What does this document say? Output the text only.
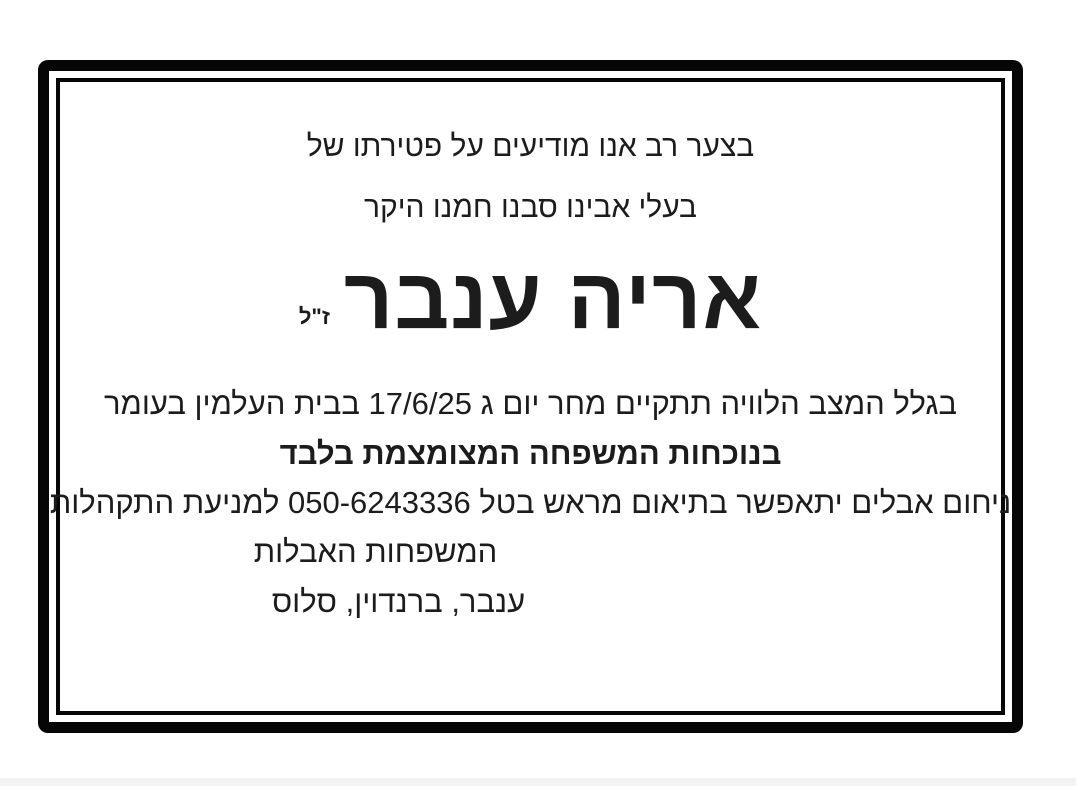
בצער רב אנו מודיעים על פטירתו של
בעלי אבינו סבנו חמנו היקר
אריה ענבר
ז"ל
בגלל המצב הלוויה תתקיים מחר יום ג 17/6/25 בבית העלמין בעומר
בנוכחות המשפחה המצומצמת בלבד
ניחום אבלים יתאפשר בתיאום מראש בטל 050-6243336 למניעת התקהלות
המשפחות האבלות
ענבר, ברנדוין, סלוס
